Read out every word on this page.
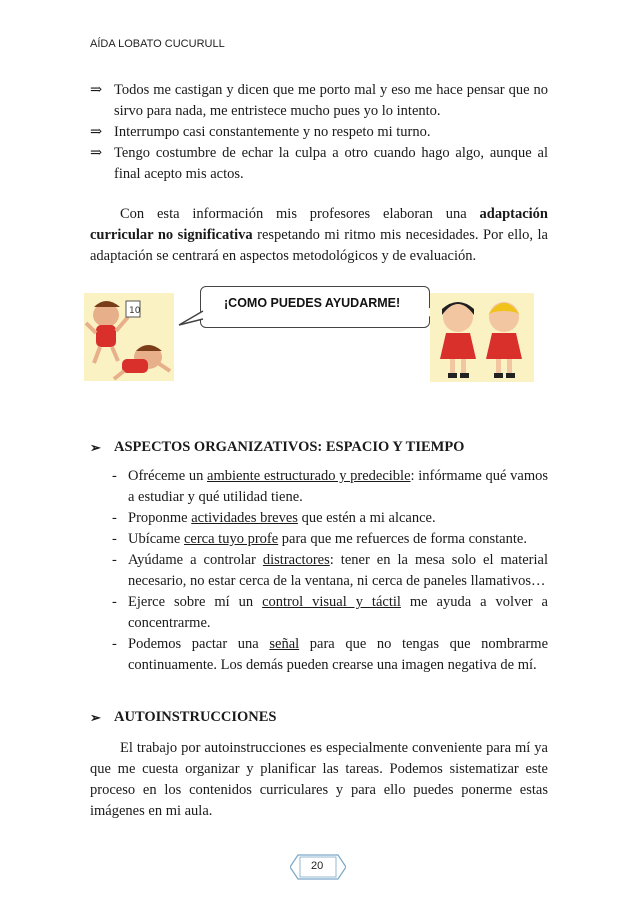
AÍDA LOBATO CUCURULL

⇒ Todos me castigan y dicen que me porto mal y eso me hace pensar que no sirvo para nada, me entristece mucho pues yo lo intento.

⇒ Interrumpo casi constantemente y no respeto mi turno.

⇒ Tengo costumbre de echar la culpa a otro cuando hago algo, aunque al final acepto mis actos.

Con esta información mis profesores elaboran una adaptación curricular no significativa respetando mi ritmo mis necesidades. Por ello, la adaptación se centrará en aspectos metodológicos y de evaluación.

10
¡COMO PUEDES AYUDARME!
➢ ASPECTOS ORGANIZATIVOS: ESPACIO Y TIEMPO

- Ofréceme un ambiente estructurado y predecible: infórmame qué vamos a estudiar y qué utilidad tiene.

- Proponme actividades breves que estén a mi alcance.

- Ubícame cerca tuyo profe para que me refuerces de forma constante.

- Ayúdame a controlar distractores: tener en la mesa solo el material necesario, no estar cerca de la ventana, ni cerca de paneles llamativos…

- Ejerce sobre mí un control visual y táctil me ayuda a volver a concentrarme.

- Podemos pactar una señal para que no tengas que nombrarme continuamente. Los demás pueden crearse una imagen negativa de mí.

➢ AUTOINSTRUCCIONES

El trabajo por autoinstrucciones es especialmente conveniente para mí ya que me cuesta organizar y planificar las tareas. Podemos sistematizar este proceso en los contenidos curriculares y para ello puedes ponerme estas imágenes en mi aula.

20
